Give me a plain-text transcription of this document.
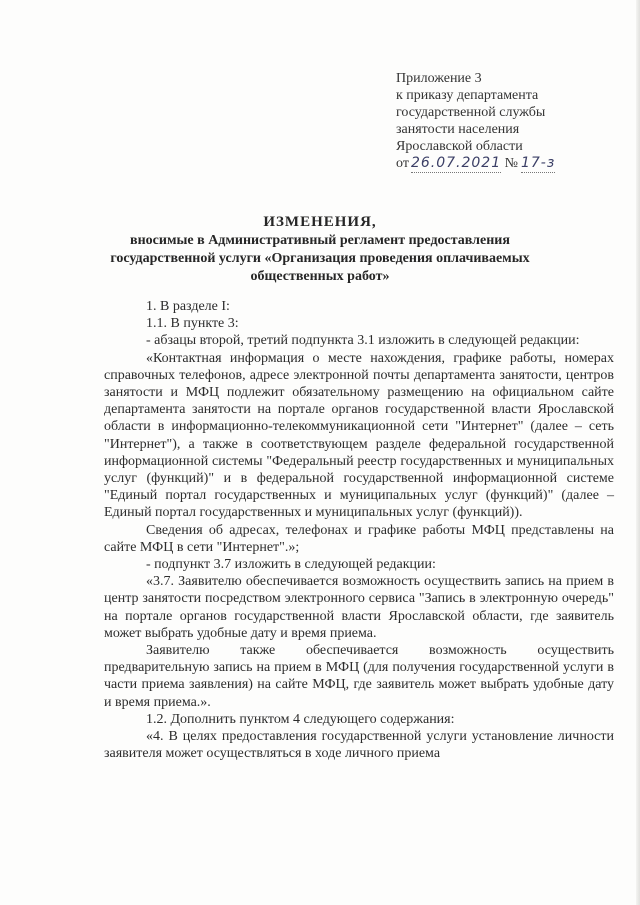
Приложение 3
к приказу департамента
государственной службы
занятости населения
Ярославской области
от 26.07.2021 № 17-з
ИЗМЕНЕНИЯ,
вносимые в Административный регламент предоставления
государственной услуги «Организация проведения оплачиваемых
общественных работ»

1. В разделе I:

1.1. В пункте 3:

- абзацы второй, третий подпункта 3.1 изложить в следующей редакции:

«Контактная информация о месте нахождения, графике работы, номерах справочных телефонов, адресе электронной почты департамента занятости, центров занятости и МФЦ подлежит обязательному размещению на официальном сайте департамента занятости на портале органов государственной власти Ярославской области в информационно-телекоммуникационной сети "Интернет" (далее – сеть "Интернет"), а также в соответствующем разделе федеральной государственной информационной системы "Федеральный реестр государственных и муниципальных услуг (функций)" и в федеральной государственной информационной системе "Единый портал государственных и муниципальных услуг (функций)" (далее – Единый портал государственных и муниципальных услуг (функций)).

Сведения об адресах, телефонах и графике работы МФЦ представлены на сайте МФЦ в сети "Интернет".»;

- подпункт 3.7 изложить в следующей редакции:

«3.7. Заявителю обеспечивается возможность осуществить запись на прием в центр занятости посредством электронного сервиса "Запись в электронную очередь" на портале органов государственной власти Ярославской области, где заявитель может выбрать удобные дату и время приема.

Заявителю также обеспечивается возможность осуществить предварительную запись на прием в МФЦ (для получения государственной услуги в части приема заявления) на сайте МФЦ, где заявитель может выбрать удобные дату и время приема.».

1.2. Дополнить пунктом 4 следующего содержания:

«4. В целях предоставления государственной услуги установление личности заявителя может осуществляться в ходе личного приема
